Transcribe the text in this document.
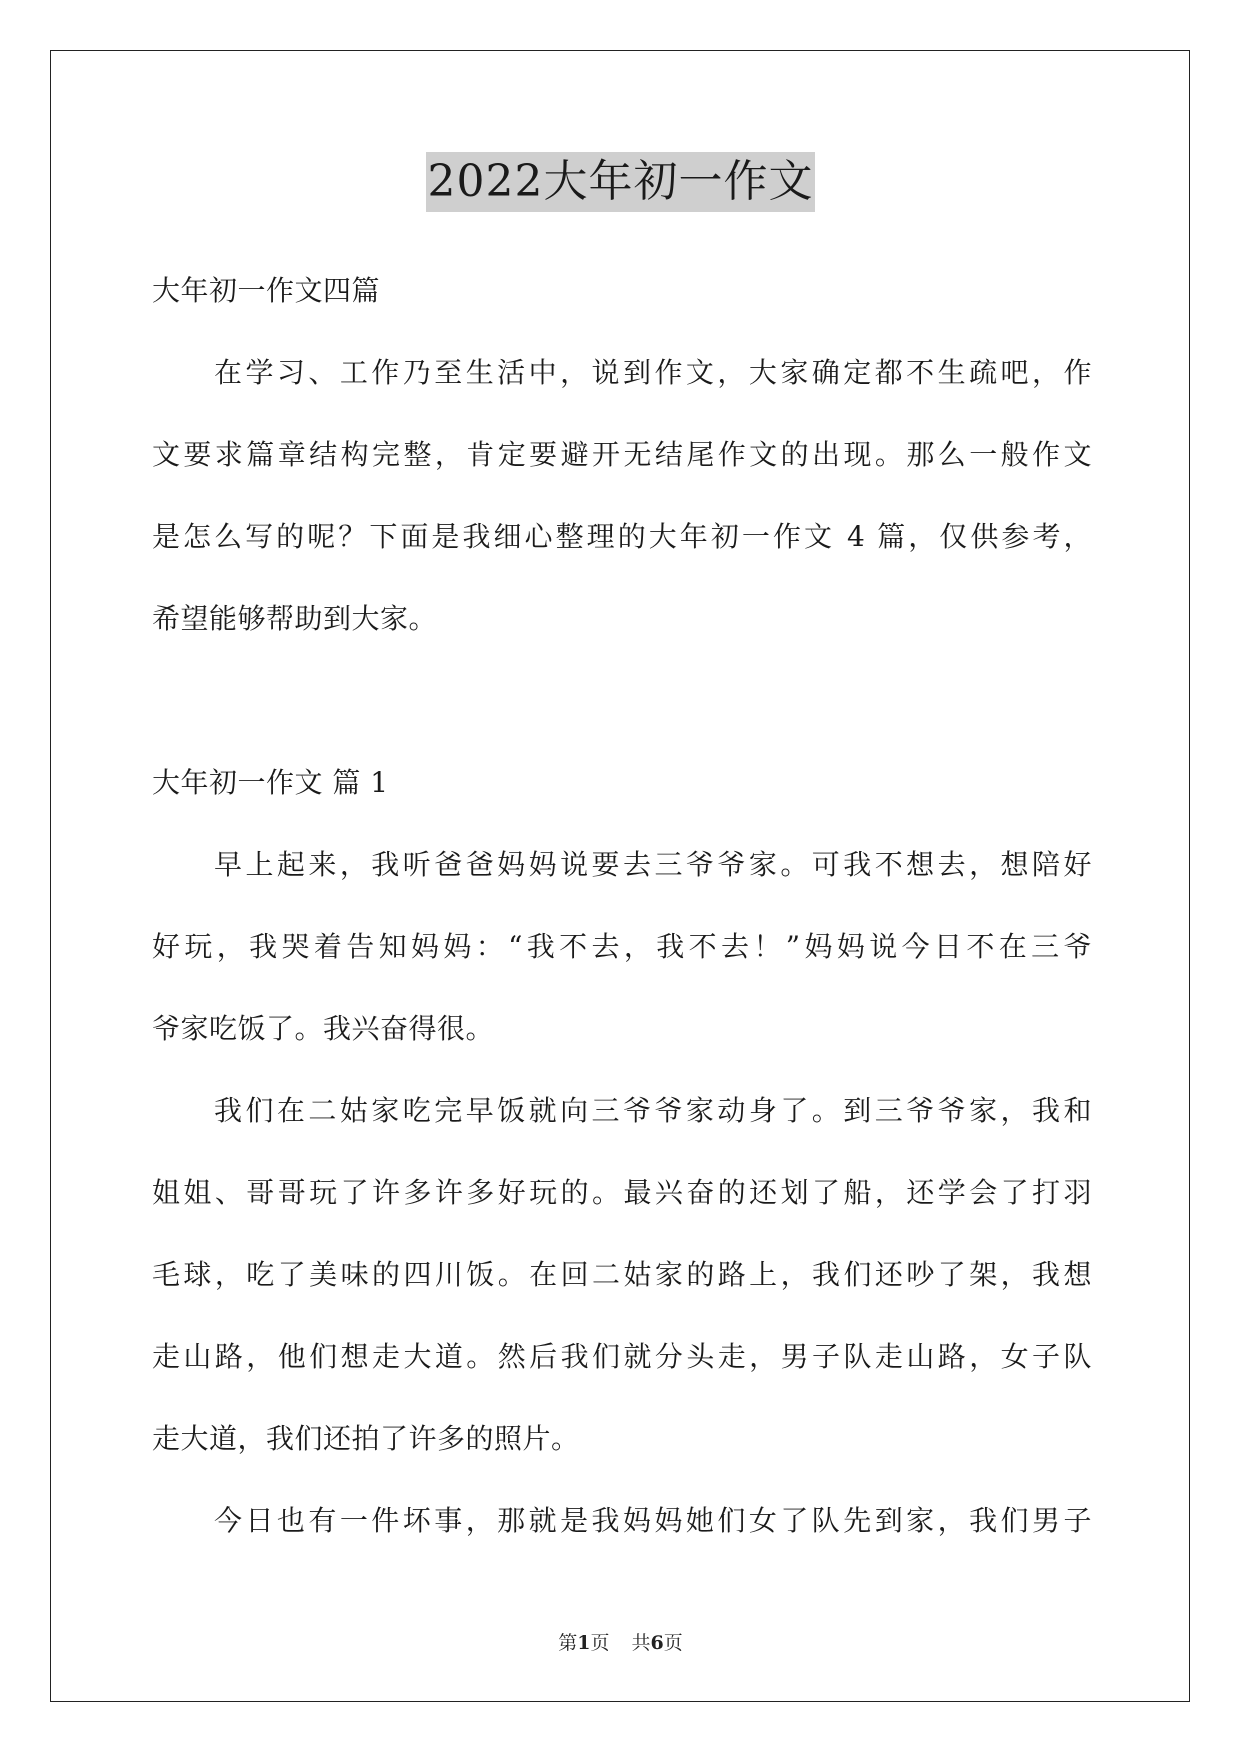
2022大年初一作文
大年初一作文四篇
在学习、工作乃至生活中，说到作文，大家确定都不生疏吧，作
文要求篇章结构完整，肯定要避开无结尾作文的出现。那么一般作文
是怎么写的呢？下面是我细心整理的大年初一作文 4 篇，仅供参考，
希望能够帮助到大家。
大年初一作文 篇 1
早上起来，我听爸爸妈妈说要去三爷爷家。可我不想去，想陪好
好玩，我哭着告知妈妈：“我不去，我不去！”妈妈说今日不在三爷
爷家吃饭了。我兴奋得很。
我们在二姑家吃完早饭就向三爷爷家动身了。到三爷爷家，我和
姐姐、哥哥玩了许多许多好玩的。最兴奋的还划了船，还学会了打羽
毛球，吃了美味的四川饭。在回二姑家的路上，我们还吵了架，我想
走山路，他们想走大道。然后我们就分头走，男子队走山路，女子队
走大道，我们还拍了许多的照片。
今日也有一件坏事，那就是我妈妈她们女了队先到家，我们男子
第1页 共6页
